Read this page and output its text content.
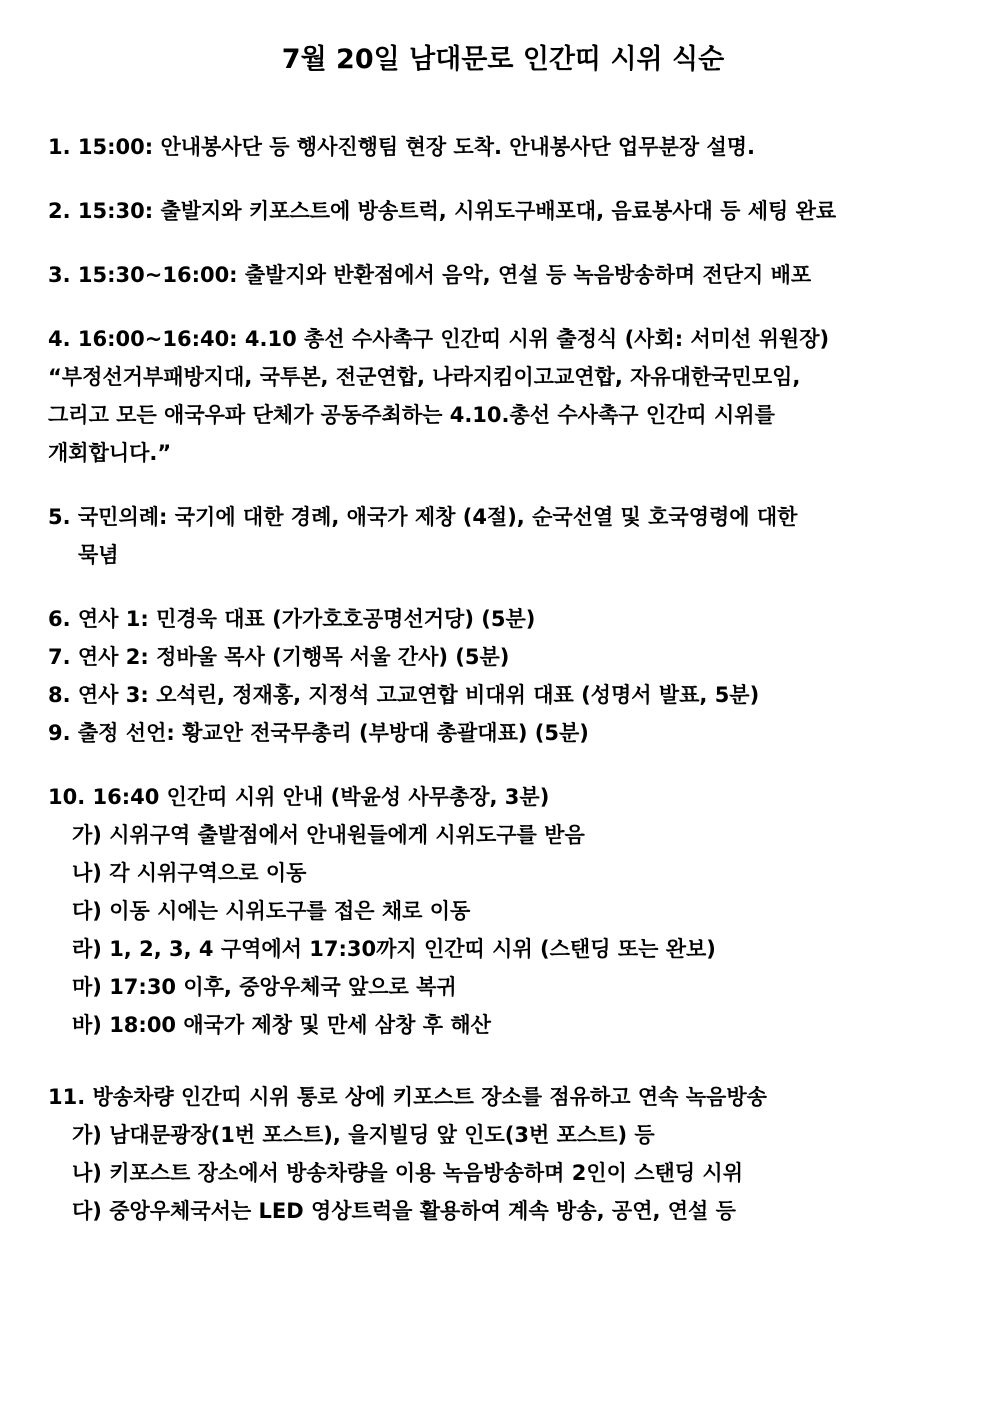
7월 20일 남대문로 인간띠 시위 식순
1. 15:00: 안내봉사단 등 행사진행팀 현장 도착. 안내봉사단 업무분장 설명.
2. 15:30: 출발지와 키포스트에 방송트럭, 시위도구배포대, 음료봉사대 등 세팅 완료
3. 15:30~16:00: 출발지와 반환점에서 음악, 연설 등 녹음방송하며 전단지 배포
4. 16:00~16:40: 4.10 총선 수사촉구 인간띠 시위 출정식 (사회: 서미선 위원장)
“부정선거부패방지대, 국투본, 전군연합, 나라지킴이고교연합, 자유대한국민모임,
그리고 모든 애국우파 단체가 공동주최하는 4.10.총선 수사촉구 인간띠 시위를
개회합니다.”
5. 국민의례: 국기에 대한 경례, 애국가 제창 (4절), 순국선열 및 호국영령에 대한
묵념
6. 연사 1: 민경욱 대표 (가가호호공명선거당) (5분)
7. 연사 2: 정바울 목사 (기행목 서울 간사) (5분)
8. 연사 3: 오석린, 정재홍, 지정석 고교연합 비대위 대표 (성명서 발표, 5분)
9. 출정 선언: 황교안 전국무총리 (부방대 총괄대표) (5분)
10. 16:40 인간띠 시위 안내 (박윤성 사무총장, 3분)
가) 시위구역 출발점에서 안내원들에게 시위도구를 받음
나) 각 시위구역으로 이동
다) 이동 시에는 시위도구를 접은 채로 이동
라) 1, 2, 3, 4 구역에서 17:30까지 인간띠 시위 (스탠딩 또는 완보)
마) 17:30 이후, 중앙우체국 앞으로 복귀
바) 18:00 애국가 제창 및 만세 삼창 후 해산
11. 방송차량 인간띠 시위 통로 상에 키포스트 장소를 점유하고 연속 녹음방송
가) 남대문광장(1번 포스트), 을지빌딩 앞 인도(3번 포스트) 등
나) 키포스트 장소에서 방송차량을 이용 녹음방송하며 2인이 스탠딩 시위
다) 중앙우체국서는 LED 영상트럭을 활용하여 계속 방송, 공연, 연설 등
